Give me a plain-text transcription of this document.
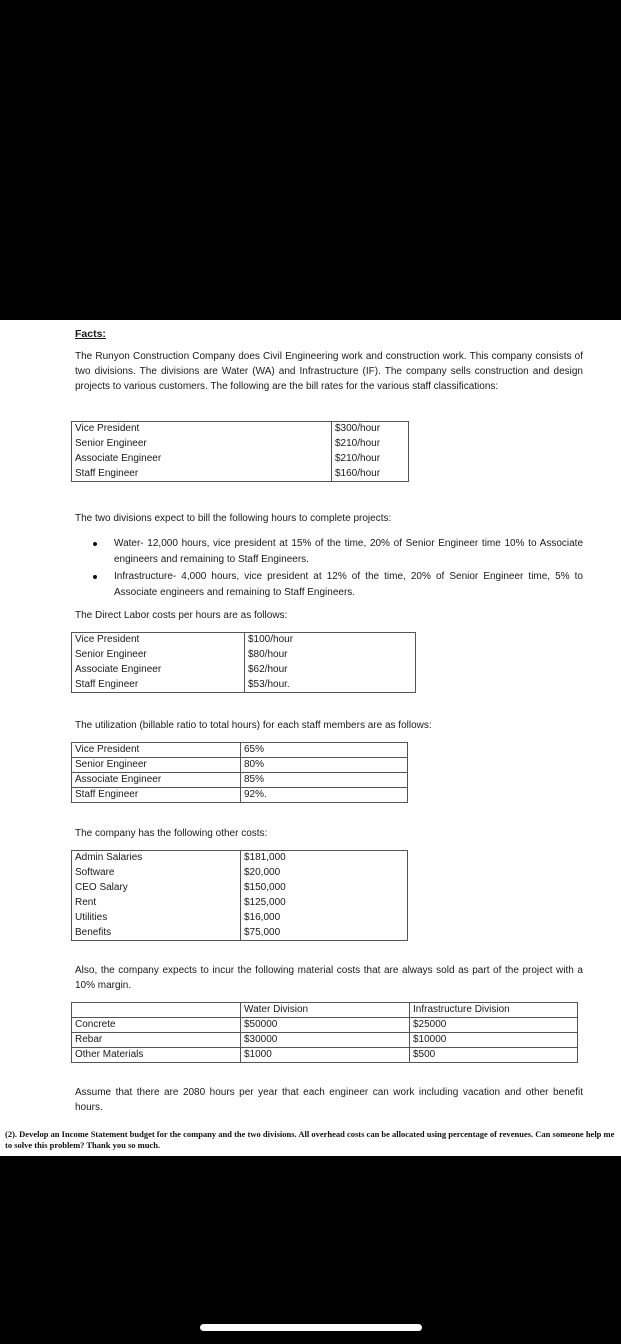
Facts:
The Runyon Construction Company does Civil Engineering work and construction work. This company consists of two divisions. The divisions are Water (WA) and Infrastructure (IF). The company sells construction and design projects to various customers. The following are the bill rates for the various staff classifications:
Vice President	$300/hour
Senior Engineer	$210/hour
Associate Engineer	$210/hour
Staff Engineer	$160/hour
The two divisions expect to bill the following hours to complete projects:
Water- 12,000 hours, vice president at 15% of the time, 20% of Senior Engineer time 10% to Associate engineers and remaining to Staff Engineers.
Infrastructure- 4,000 hours, vice president at 12% of the time, 20% of Senior Engineer time, 5% to Associate engineers and remaining to Staff Engineers.
The Direct Labor costs per hours are as follows:
Vice President	$100/hour
Senior Engineer	$80/hour
Associate Engineer	$62/hour
Staff Engineer	$53/hour.
The utilization (billable ratio to total hours) for each staff members are as follows:
Vice President	65%
Senior Engineer	80%
Associate Engineer	85%
Staff Engineer	92%.
The company has the following other costs:
Admin Salaries	$181,000
Software	$20,000
CEO Salary	$150,000
Rent	$125,000
Utilities	$16,000
Benefits	$75,000
Also, the company expects to incur the following material costs that are always sold as part of the project with a 10% margin.
	Water Division	Infrastructure Division
Concrete	$50000	$25000
Rebar	$30000	$10000
Other Materials	$1000	$500
Assume that there are 2080 hours per year that each engineer can work including vacation and other benefit hours.
(2). Develop an Income Statement budget for the company and the two divisions. All overhead costs can be allocated using percentage of revenues. Can someone help me to solve this problem? Thank you so much.
